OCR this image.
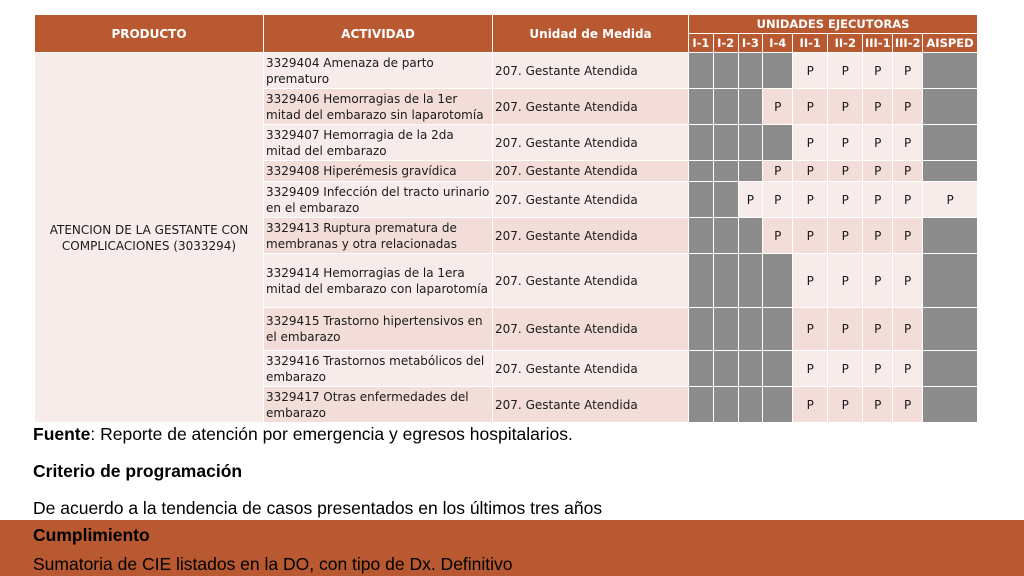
PRODUCTO	ACTIVIDAD	Unidad de Medida	UNIDADES EJECUTORAS								
			I-1	I-2	I-3	I-4	II-1	II-2	III-1	III-2	AISPED
ATENCION DE LA GESTANTE CON COMPLICACIONES (3033294)	3329404 Amenaza de parto prematuro	207. Gestante Atendida					P	P	P	P	
	3329406 Hemorragias de la 1er mitad del embarazo sin laparotomía	207. Gestante Atendida				P	P	P	P	P	
	3329407 Hemorragia de la 2da mitad del embarazo	207. Gestante Atendida					P	P	P	P	
	3329408 Hiperémesis gravídica	207. Gestante Atendida				P	P	P	P	P	
	3329409 Infección del tracto urinario en el embarazo	207. Gestante Atendida			P	P	P	P	P	P	P
	3329413 Ruptura prematura de membranas y otra relacionadas	207. Gestante Atendida				P	P	P	P	P	
	3329414 Hemorragias de la 1era mitad del embarazo con laparotomía	207. Gestante Atendida					P	P	P	P	
	3329415 Trastorno hipertensivos en el embarazo	207. Gestante Atendida					P	P	P	P	
	3329416 Trastornos metabólicos del embarazo	207. Gestante Atendida					P	P	P	P	
	3329417 Otras enfermedades del embarazo	207. Gestante Atendida					P	P	P	P	
Fuente: Reporte de atención por emergencia y egresos hospitalarios.
Criterio de programación
De acuerdo a la tendencia de casos presentados en los últimos tres años
Cumplimiento
Sumatoria de CIE listados en la DO, con tipo de Dx. Definitivo
